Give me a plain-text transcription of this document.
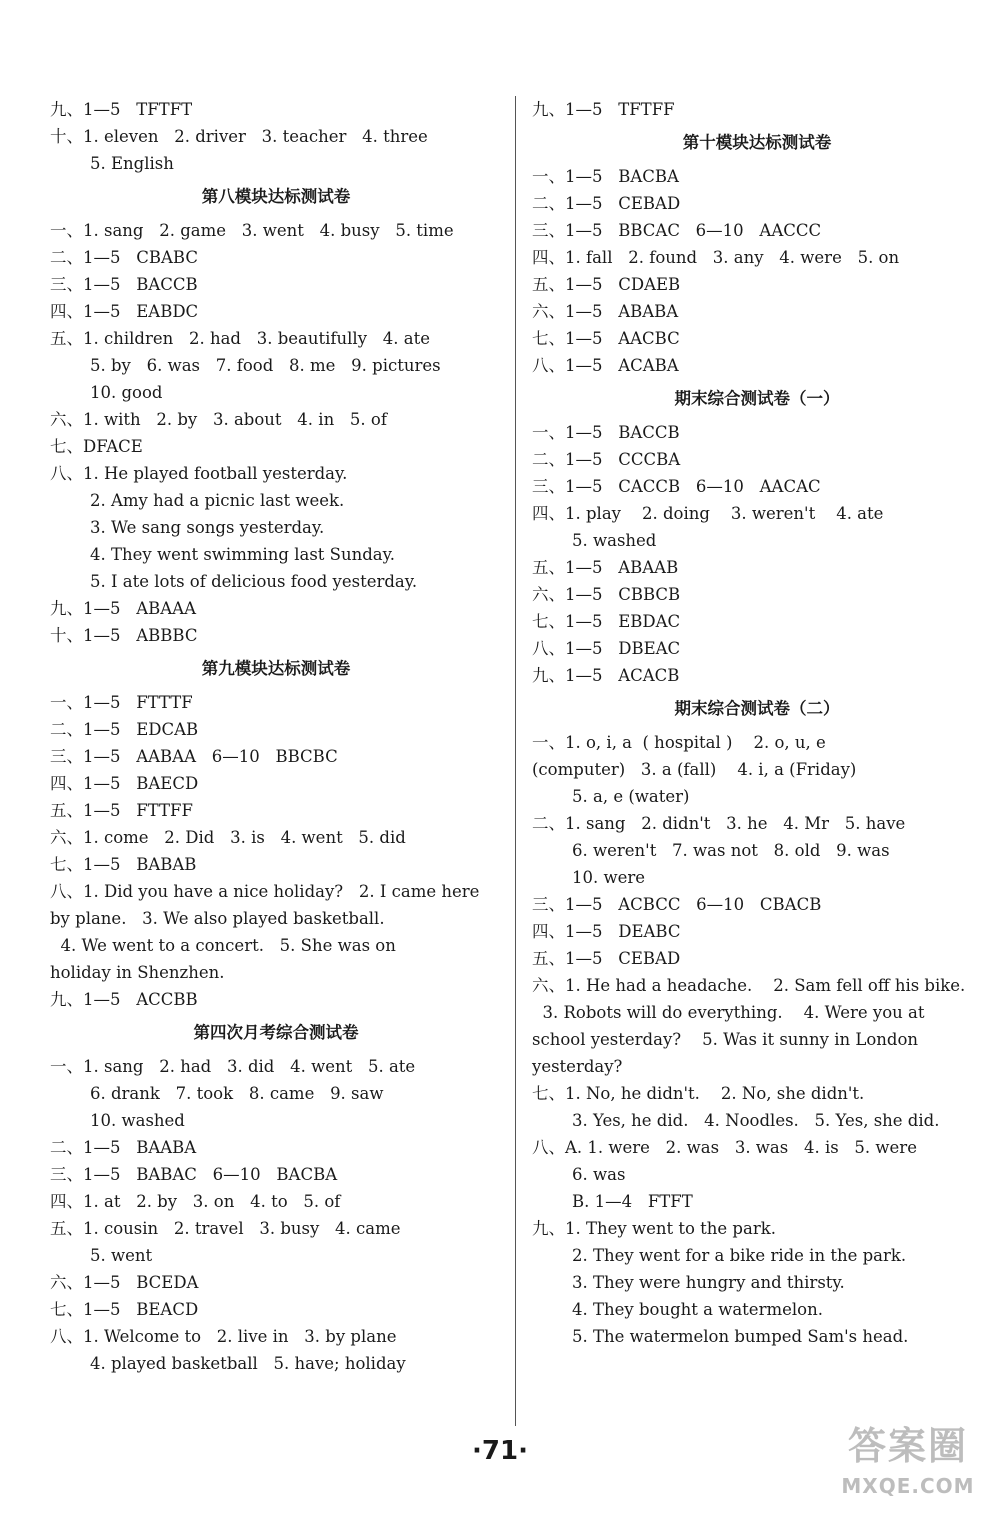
九、1—5   TFTFT
十、1. eleven   2. driver   3. teacher   4. three
5. English
第八模块达标测试卷
一、1. sang   2. game   3. went   4. busy   5. time
二、1—5   CBABC
三、1—5   BACCB
四、1—5   EABDC
五、1. children   2. had   3. beautifully   4. ate
5. by   6. was   7. food   8. me   9. pictures
10. good
六、1. with   2. by   3. about   4. in   5. of
七、DFACE
八、1. He played football yesterday.
2. Amy had a picnic last week.
3. We sang songs yesterday.
4. They went swimming last Sunday.
5. I ate lots of delicious food yesterday.
九、1—5   ABAAA
十、1—5   ABBBC
第九模块达标测试卷
一、1—5   FTTTF
二、1—5   EDCAB
三、1—5   AABAA   6—10   BBCBC
四、1—5   BAECD
五、1—5   FTTFF
六、1. come   2. Did   3. is   4. went   5. did
七、1—5   BABAB
八、1. Did you have a nice holiday?   2. I came here
by plane.   3. We also played basketball.
4. We went to a concert.   5. She was on
holiday in Shenzhen.
九、1—5   ACCBB
第四次月考综合测试卷
一、1. sang   2. had   3. did   4. went   5. ate
6. drank   7. took   8. came   9. saw
10. washed
二、1—5   BAABA
三、1—5   BABAC   6—10   BACBA
四、1. at   2. by   3. on   4. to   5. of
五、1. cousin   2. travel   3. busy   4. came
5. went
六、1—5   BCEDA
七、1—5   BEACD
八、1. Welcome to   2. live in   3. by plane
4. played basketball   5. have; holiday
九、1—5   TFTFF
第十模块达标测试卷
一、1—5   BACBA
二、1—5   CEBAD
三、1—5   BBCAC   6—10   AACCC
四、1. fall   2. found   3. any   4. were   5. on
五、1—5   CDAEB
六、1—5   ABABA
七、1—5   AACBC
八、1—5   ACABA
期末综合测试卷（一）
一、1—5   BACCB
二、1—5   CCCBA
三、1—5   CACCB   6—10   AACAC
四、1. play    2. doing    3. weren't    4. ate
5. washed
五、1—5   ABAAB
六、1—5   CBBCB
七、1—5   EBDAC
八、1—5   DBEAC
九、1—5   ACACB
期末综合测试卷（二）
一、1. o, i, a  ( hospital )    2. o, u, e
(computer)   3. a (fall)    4. i, a (Friday)
5. a, e (water)
二、1. sang   2. didn't   3. he   4. Mr   5. have
6. weren't   7. was not   8. old   9. was
10. were
三、1—5   ACBCC   6—10   CBACB
四、1—5   DEABC
五、1—5   CEBAD
六、1. He had a headache.    2. Sam fell off his bike.
3. Robots will do everything.    4. Were you at
school yesterday?    5. Was it sunny in London
yesterday?
七、1. No, he didn't.    2. No, she didn't.
3. Yes, he did.   4. Noodles.   5. Yes, she did.
八、A. 1. were   2. was   3. was   4. is   5. were
6. was
B. 1—4   FTFT
九、1. They went to the park.
2. They went for a bike ride in the park.
3. They were hungry and thirsty.
4. They bought a watermelon.
5. The watermelon bumped Sam's head.
·71·	答案圈
MXQE.COM
